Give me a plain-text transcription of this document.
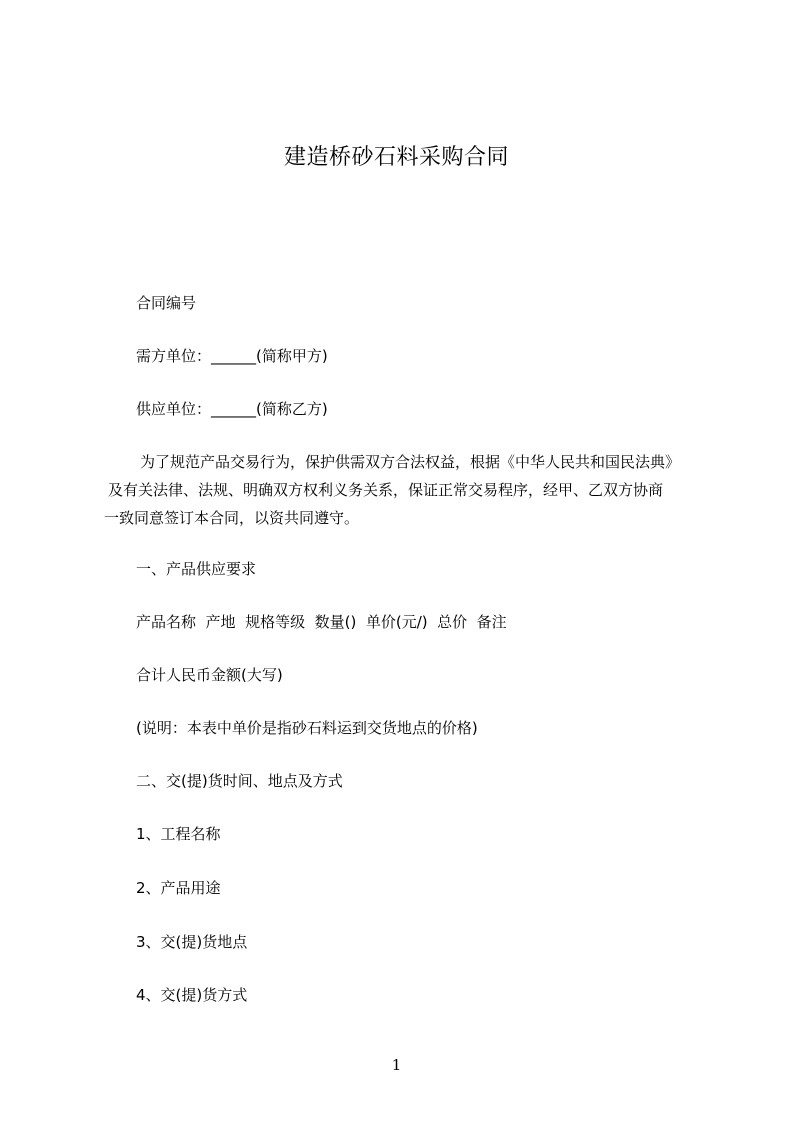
建造桥砂石料采购合同
合同编号
需方单位：______(简称甲方)
供应单位：______(简称乙方)
为了规范产品交易行为，保护供需双方合法权益，根据《中华人民共和国民法典》
及有关法律、法规、明确双方权利义务关系，保证正常交易程序，经甲、乙双方协商
一致同意签订本合同，以资共同遵守。
一、产品供应要求
产品名称  产地  规格等级  数量()  单价(元/)  总价  备注
合计人民币金额(大写)
(说明：本表中单价是指砂石料运到交货地点的价格)
二、交(提)货时间、地点及方式
1、工程名称
2、产品用途
3、交(提)货地点
4、交(提)货方式
1
